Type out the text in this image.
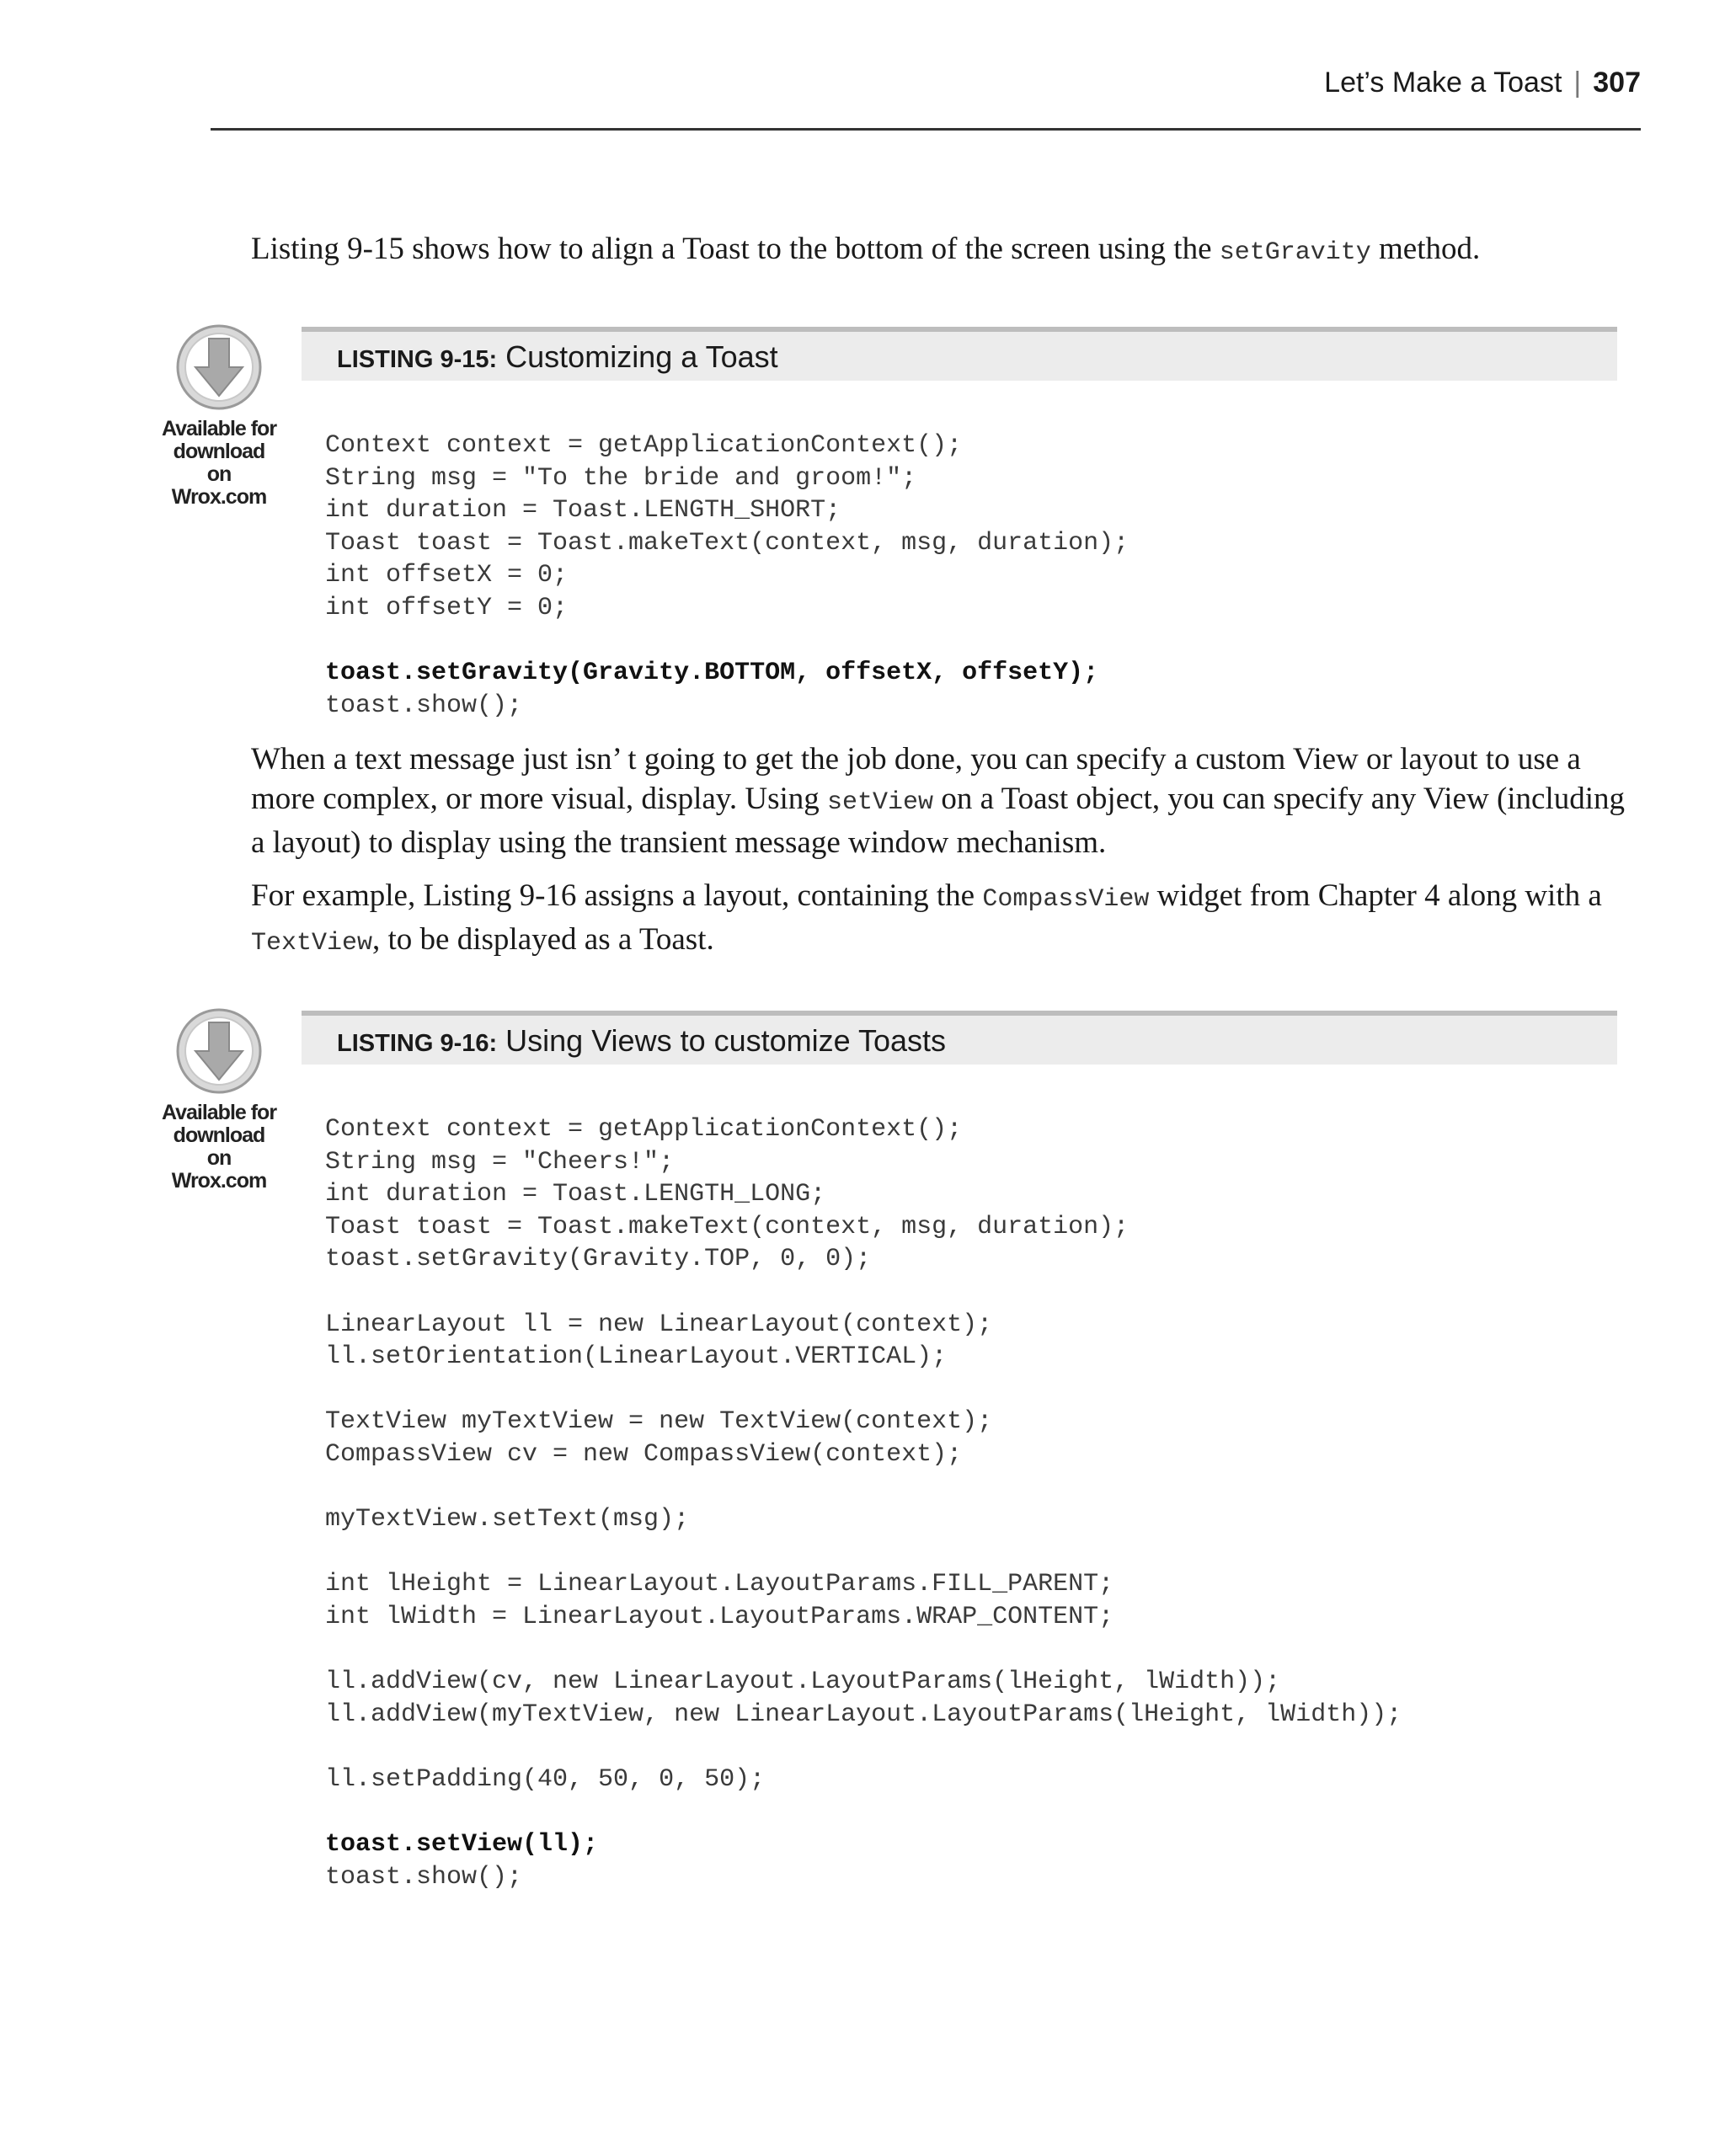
Let’s Make a Toast | 307

Listing 9-15 shows how to align a Toast to the bottom of the screen using the setGravity method.

Available for
download on
Wrox.com
LISTING 9-15: Customizing a Toast
Context context = getApplicationContext();
String msg = "To the bride and groom!";
int duration = Toast.LENGTH_SHORT;
Toast toast = Toast.makeText(context, msg, duration);
int offsetX = 0;
int offsetY = 0;
toast.setGravity(Gravity.BOTTOM, offsetX, offsetY);
toast.show();

When a text message just isn’ t going to get the job done, you can specify a custom View or layout to use a more complex, or more visual, display. Using setView on a Toast object, you can specify any View (including a layout) to display using the transient message window mechanism.

For example, Listing 9-16 assigns a layout, containing the CompassView widget from Chapter 4 along with a TextView, to be displayed as a Toast.

Available for
download on
Wrox.com
LISTING 9-16: Using Views to customize Toasts
Context context = getApplicationContext();
String msg = "Cheers!";
int duration = Toast.LENGTH_LONG;
Toast toast = Toast.makeText(context, msg, duration);
toast.setGravity(Gravity.TOP, 0, 0);
LinearLayout ll = new LinearLayout(context);
ll.setOrientation(LinearLayout.VERTICAL);
TextView myTextView = new TextView(context);
CompassView cv = new CompassView(context);
myTextView.setText(msg);
int lHeight = LinearLayout.LayoutParams.FILL_PARENT;
int lWidth = LinearLayout.LayoutParams.WRAP_CONTENT;
ll.addView(cv, new LinearLayout.LayoutParams(lHeight, lWidth));
ll.addView(myTextView, new LinearLayout.LayoutParams(lHeight, lWidth));
ll.setPadding(40, 50, 0, 50);
toast.setView(ll);
toast.show();
